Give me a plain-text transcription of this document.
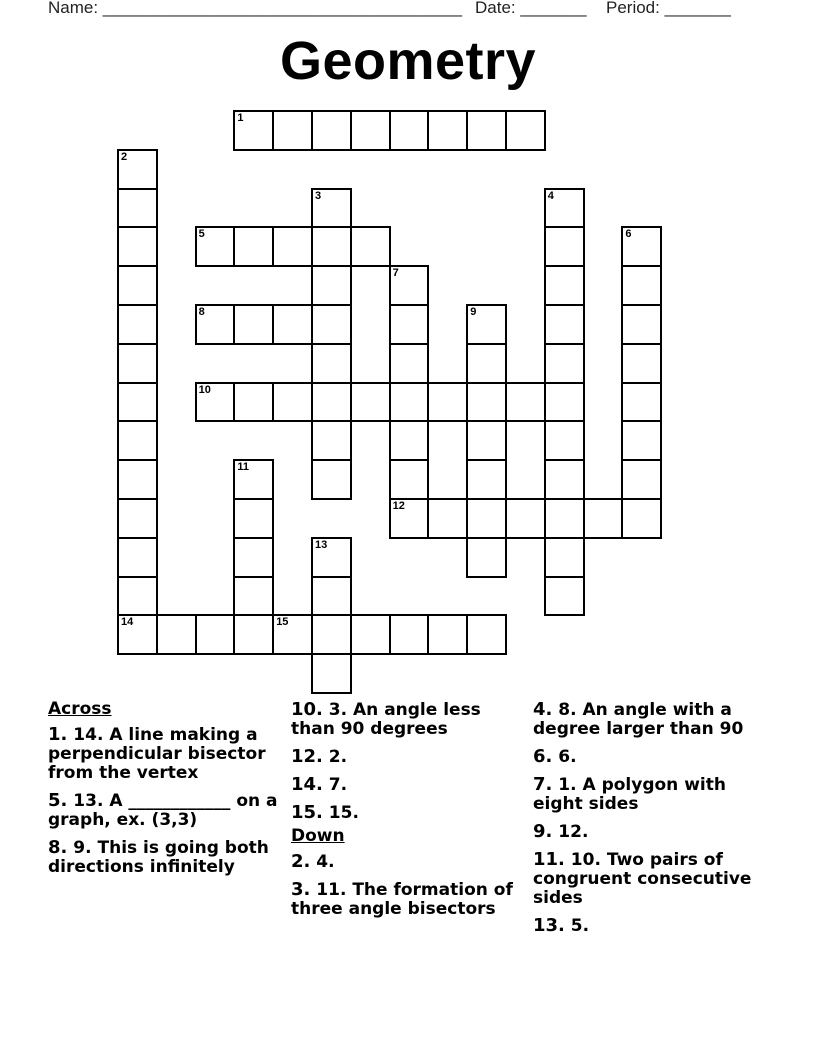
Name: ______________________________________ Date: _______ Period: _______
Geometry
1
2
14
3	4
5	6
7
8	9
10
11
12
13
15
Across
1. 14. A line making a perpendicular bisector from the vertex
5. 13. A ____________ on a graph, ex. (3,3)
8. 9. This is going both directions infinitely
10. 3. An angle less than 90 degrees
12. 2.
14. 7.
15. 15.
Down
2. 4.
3. 11. The formation of three angle bisectors
4. 8. An angle with a degree larger than 90
6. 6.
7. 1. A polygon with eight sides
9. 12.
11. 10. Two pairs of congruent consecutive sides
13. 5.
